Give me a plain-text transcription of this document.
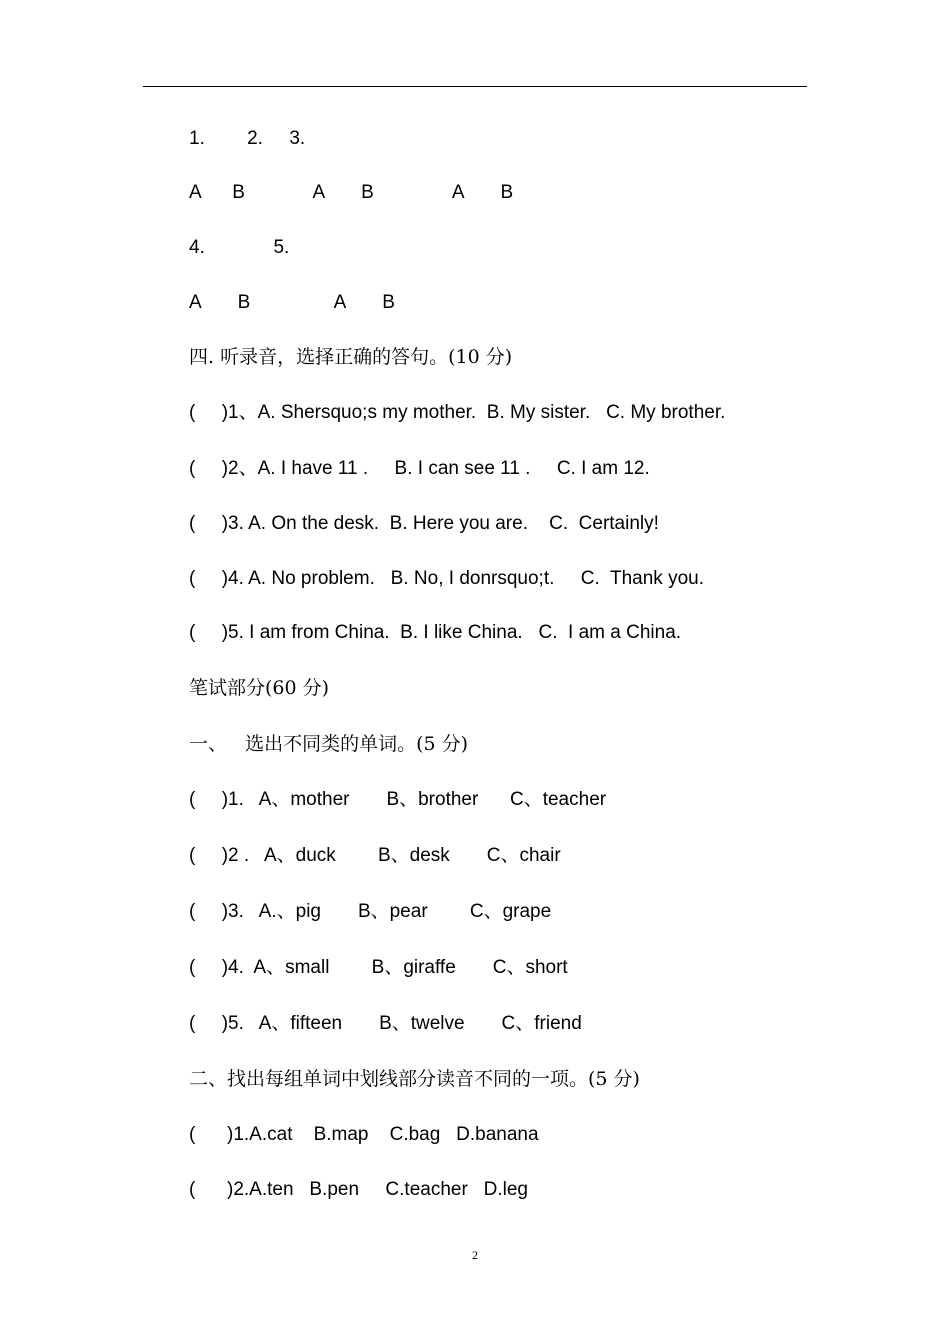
1.        2.     3.
A      B             A       B               A       B
4.             5.
A       B                A       B
四. 听录音，选择正确的答句。(10 分)
(     )1、A. Shersquo;s my mother.  B. My sister.   C. My brother.
(     )2、A. I have 11 .     B. I can see 11 .     C. I am 12.
(     )3. A. On the desk.  B. Here you are.    C.  Certainly!
(     )4. A. No problem.   B. No, I donrsquo;t.     C.  Thank you.
(     )5. I am from China.  B. I like China.   C.  I am a China.
笔试部分(60 分)
一、   选出不同类的单词。(5 分)
(     )1.   A、mother       B、brother      C、teacher
(     )2 .   A、duck        B、desk       C、chair
(     )3.   A.、pig       B、pear        C、grape
(     )4.  A、small        B、giraffe       C、short
(     )5.   A、fifteen       B、twelve       C、friend
二、找出每组单词中划线部分读音不同的一项。(5 分)
(      )1.A.cat    B.map    C.bag   D.banana
(      )2.A.ten   B.pen     C.teacher   D.leg
2
